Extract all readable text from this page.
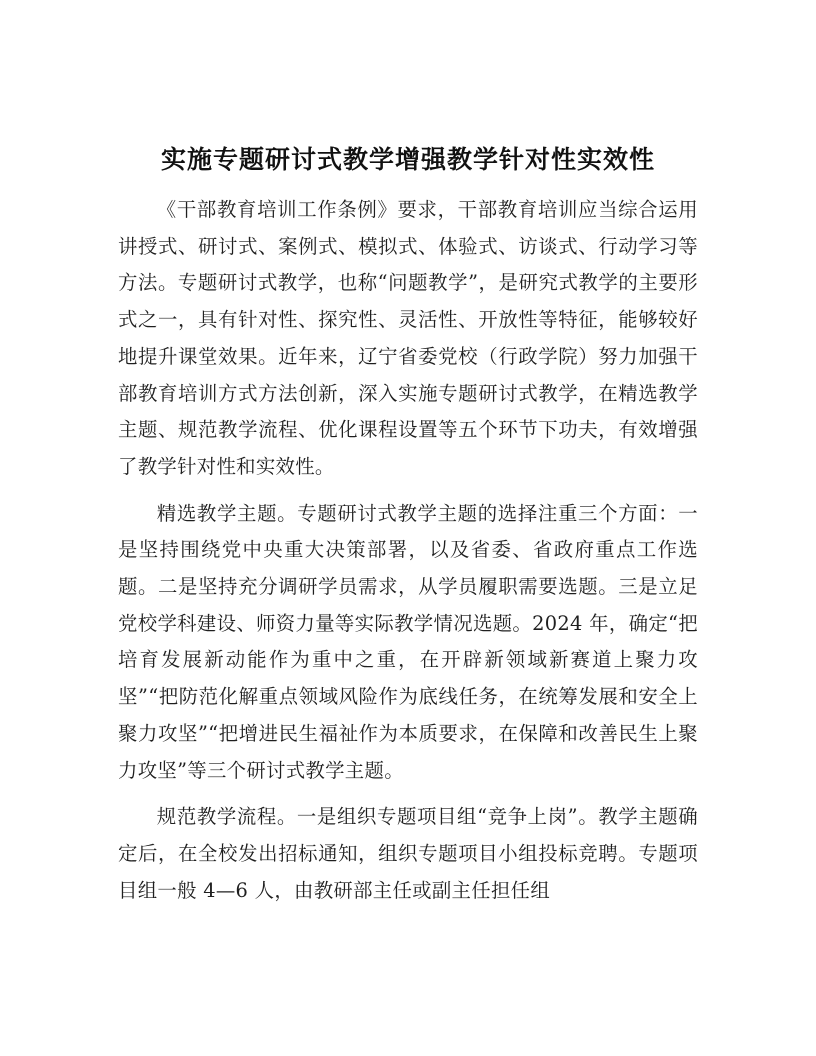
实施专题研讨式教学增强教学针对性实效性

《干部教育培训工作条例》要求，干部教育培训应当综合运用讲授式、研讨式、案例式、模拟式、体验式、访谈式、行动学习等方法。专题研讨式教学，也称“问题教学”，是研究式教学的主要形式之一，具有针对性、探究性、灵活性、开放性等特征，能够较好地提升课堂效果。近年来，辽宁省委党校（行政学院）努力加强干部教育培训方式方法创新，深入实施专题研讨式教学，在精选教学主题、规范教学流程、优化课程设置等五个环节下功夫，有效增强了教学针对性和实效性。

精选教学主题。专题研讨式教学主题的选择注重三个方面：一是坚持围绕党中央重大决策部署，以及省委、省政府重点工作选题。二是坚持充分调研学员需求，从学员履职需要选题。三是立足党校学科建设、师资力量等实际教学情况选题。2024 年，确定“把培育发展新动能作为重中之重，在开辟新领域新赛道上聚力攻坚”“把防范化解重点领域风险作为底线任务，在统筹发展和安全上聚力攻坚”“把增进民生福祉作为本质要求，在保障和改善民生上聚力攻坚”等三个研讨式教学主题。

规范教学流程。一是组织专题项目组“竞争上岗”。教学主题确定后，在全校发出招标通知，组织专题项目小组投标竞聘。专题项目组一般 4—6 人，由教研部主任或副主任担任组
